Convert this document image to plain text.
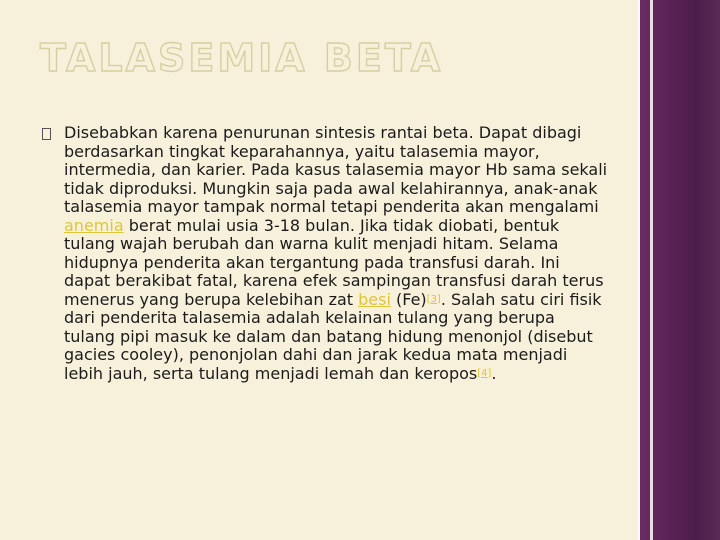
TALASEMIA BETA

Disebabkan karena penurunan sintesis rantai beta. Dapat dibagi berdasarkan tingkat keparahannya, yaitu talasemia mayor, intermedia, dan karier. Pada kasus talasemia mayor Hb sama sekali tidak diproduksi. Mungkin saja pada awal kelahirannya, anak-anak talasemia mayor tampak normal tetapi penderita akan mengalami anemia berat mulai usia 3-18 bulan. Jika tidak diobati, bentuk tulang wajah berubah dan warna kulit menjadi hitam. Selama hidupnya penderita akan tergantung pada transfusi darah. Ini dapat berakibat fatal, karena efek sampingan transfusi darah terus menerus yang berupa kelebihan zat besi (Fe)[3]. Salah satu ciri fisik dari penderita talasemia adalah kelainan tulang yang berupa tulang pipi masuk ke dalam dan batang hidung menonjol (disebut gacies cooley), penonjolan dahi dan jarak kedua mata menjadi lebih jauh, serta tulang menjadi lemah dan keropos[4].
